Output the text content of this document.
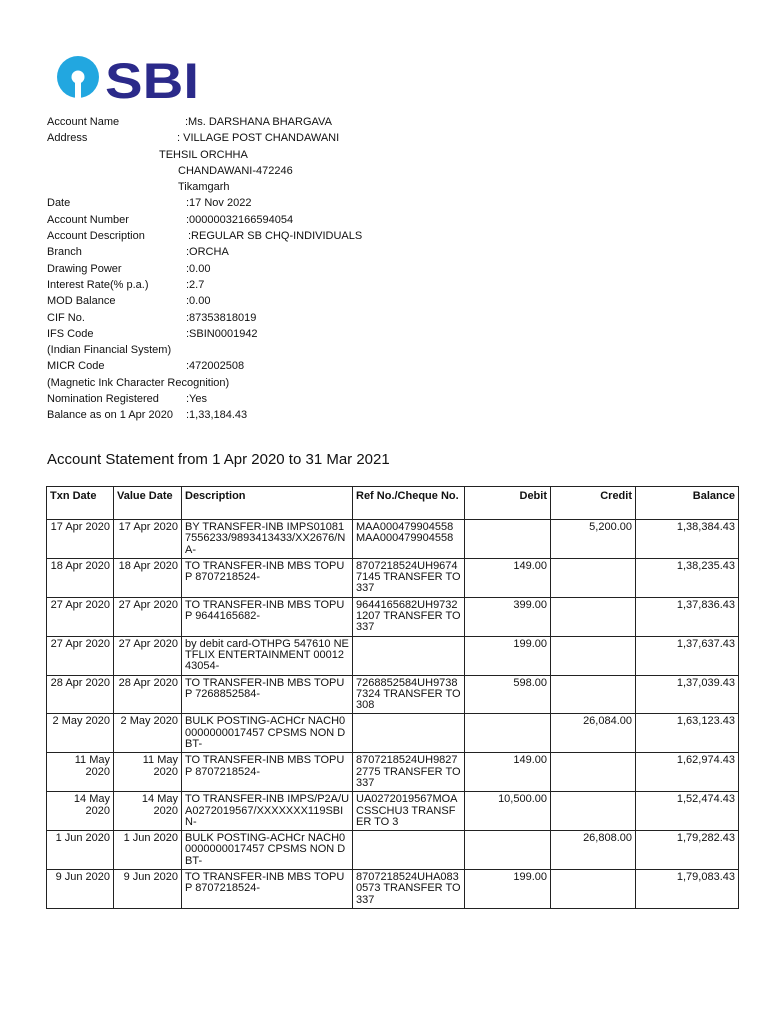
SBI
Account Name	:Ms. DARSHANA BHARGAVA
Address	: VILLAGE POST CHANDAWANI
TEHSIL ORCHHA
CHANDAWANI-472246
Tikamgarh
Date	:17 Nov 2022
Account Number	:00000032166594054
Account Description	:REGULAR SB CHQ-INDIVIDUALS
Branch	:ORCHA
Drawing Power	:0.00
Interest Rate(% p.a.)	:2.7
MOD Balance	:0.00
CIF No.	:87353818019
IFS Code	:SBIN0001942
(Indian Financial System)
MICR Code	:472002508
(Magnetic Ink Character Recognition)
Nomination Registered :Yes
Balance as on 1 Apr 2020 :1,33,184.43
Account Statement from 1 Apr 2020 to 31 Mar 2021
Txn Date	Value Date	Description	Ref No./Cheque No.	Debit	Credit	Balance
17 Apr 2020	17 Apr 2020	BY TRANSFER-INB IMPS010817556233/9893413433/XX2676/NA-	MAA000479904558 MAA000479904558		5,200.00	1,38,384.43
18 Apr 2020	18 Apr 2020	TO TRANSFER-INB MBS TOPUP 8707218524-	8707218524UH96747145 TRANSFER TO 337	149.00		1,38,235.43
27 Apr 2020	27 Apr 2020	TO TRANSFER-INB MBS TOPUP 9644165682-	9644165682UH97321207 TRANSFER TO 337	399.00		1,37,836.43
27 Apr 2020	27 Apr 2020	by debit card-OTHPG 547610 NETFLIX ENTERTAINMENT 0001243054-		199.00		1,37,637.43
28 Apr 2020	28 Apr 2020	TO TRANSFER-INB MBS TOPUP 7268852584-	7268852584UH97387324 TRANSFER TO 308	598.00		1,37,039.43
2 May 2020	2 May 2020	BULK POSTING-ACHCr NACH00000000017457 CPSMS NON DBT-			26,084.00	1,63,123.43
11 May 2020	11 May 2020	TO TRANSFER-INB MBS TOPUP 8707218524-	8707218524UH98272775 TRANSFER TO 337	149.00		1,62,974.43
14 May 2020	14 May 2020	TO TRANSFER-INB IMPS/P2A/UA0272019567/XXXXXXX119SBIN-	UA0272019567MOACSSCHU3 TRANSFER TO 3	10,500.00		1,52,474.43
1 Jun 2020	1 Jun 2020	BULK POSTING-ACHCr NACH00000000017457 CPSMS NON DBT-			26,808.00	1,79,282.43
9 Jun 2020	9 Jun 2020	TO TRANSFER-INB MBS TOPUP 8707218524-	8707218524UHA0830573 TRANSFER TO 337	199.00		1,79,083.43
